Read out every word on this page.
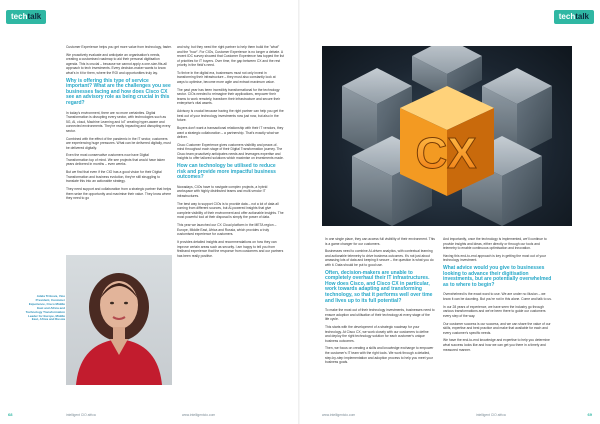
techtalk

Customer Experience helps you get more value from technology, faster.

We proactively evaluate and anticipate an organisation's needs, creating a customised roadmap to aid their personal digitisation agenda. This is crucial – because we cannot apply a one-size-fits-all approach to tech investments. Every decision-maker wants to know what's in it for them, where the ROI and opportunities truly lay.

Why is offering this type of service important? What are the challenges you see businesses facing and how does Cisco CX see an advisory role as being crucial in this regard?

In today's environment, there are no more certainties. Digital Transformation is disrupting every sector, with technologies such as 5G, AI, cloud, Machine Learning and IoT creating hyper-aware and connected environments. They're really impacting and disrupting every sector.

Combined with the effect of the pandemic in the IT sector, customers are experiencing huge pressures. What can be delivered digitally, must be delivered digitally.

Even the most conservative customers now have Digital Transformation top of mind. We see projects that would have taken years delivered in months – even weeks.

But we find that even if the CIO has a good vision for their Digital Transformation and business evolution, they're still struggling to translate this into an actionable strategy.

They need support and collaboration from a strategic partner that helps them seize the opportunity and maximise their value. They know where they need to go

Adela Trnkova, Vice President, Customer Experience, Cisco Middle East and Africa and Technology Transformation Leader for Europe, Middle East, Africa and Russia

and why, but they need the right partner to help them build the "what" and the "how". For CIOs, Customer Experience is no longer a debate. A recent IDC survey showed that Customer Experience has topped the list of priorities for IT buyers. Over time, the gap between CX and the rest priority in the field's need.

To thrive in the digital era, businesses must not only invest in transforming their infrastructure – they must also constantly look at ways to optimise, become more agile and extract maximum value.

The past year has been incredibly transformational for the technology sector. CIOs needed to reimagine their applications, empower their teams to work remotely, transform their infrastructure and secure their enterprise's vital assets.

Advisory is crucial because having the right partner can help you get the best out of your technology investments now just now, but also in the future.

Buyers don't want a transactional relationship with their IT vendors, they want a strategic collaboration – a partnership. That's exactly what we deliver.

Cisco Customer Experience gives customers visibility and peace-of-mind throughout each stage of their Digital Transformation journey. The Cisco team proactively anticipates needs and leverages expertise and insights to offer tailored solutions which maximise on investments made.

How can technology be utilised to reduce risk and provide more impactful business outcomes?

Nowadays, CIOs have to navigate complex projects, a hybrid workspace with highly distributed teams and multi-vendor IT infrastructures.

The best way to support CIOs is to provide data – not a lot of data all coming from different sources, but AI-powered insights that give complete visibility of their environment and offer actionable insights. The most powerful tool at their disposal is simply the power of data.

This year we launched our CX Cloud platform in the META region – Europe, Middle East, Africa and Russia, which provides a truly customised experience for customers.

It provides detailed insights and recommendations on how they can improve certain areas such as security. I am happy to tell you from firsthand experience that the response from customers and our partners has been really positive.

68	intelligent CIO africa	www.intelligentcio.com
techtalk

In one single place, they can access full visibility of their environment. This is a game changer for our customers.

Businesses need to combine AI-driven analytics, with contextual learning and actionable telemetry to drive business outcomes. It's not just about amassing lots of data and keeping it secure – the question is what you do with it. Data should be put to good use.

Often, decision-makers are unable to completely overhaul their IT infrastructures. How does Cisco, and Cisco CX in particular, work towards adapting and transforming technology, so that it performs well over time and lives up to its full potential?

To make the most out of their technology investments, businesses need to ensure adoption and utilisation of their technology at every stage of the life cycle.

This starts with the development of a strategic roadmap for your technology. At Cisco CX, we work closely with our customers to define and deploy the right technology solution for each customer's unique business outcomes.

Then, we focus on creating a skills and knowledge exchange to empower the customer's IT team with the right tools. We work through a detailed, step-by-step implementation and adoption process to help you meet your business goals.

And importantly, once the technology is implemented, we'll continue to provide insights and ideas, either directly or through our tools and telemetry to enable continuous optimisation and innovation.

Having this end-to-end approach is key in getting the most out of your technology investment.

What advice would you give to businesses looking to advance their digitisation investments, but are potentially overwhelmed as to where to begin?

Overwhelmed is the exact word to use. We are under no illusion – we know it can be daunting. But you're not in this alone. Come and talk to us.

In our 28 years of experience, we have seen the industry go through various transformations and we've been there to guide our customers every step of the way.

Our customer success is our success, and we can share the value of our skills, expertise and best practice and make that available for each and every customer's specific needs.

We have the end-to-end knowledge and expertise to help you determine what success looks like and how we can get you there in a timely and measured manner.

www.intelligentcio.com	intelligent CIO africa	69
CX
